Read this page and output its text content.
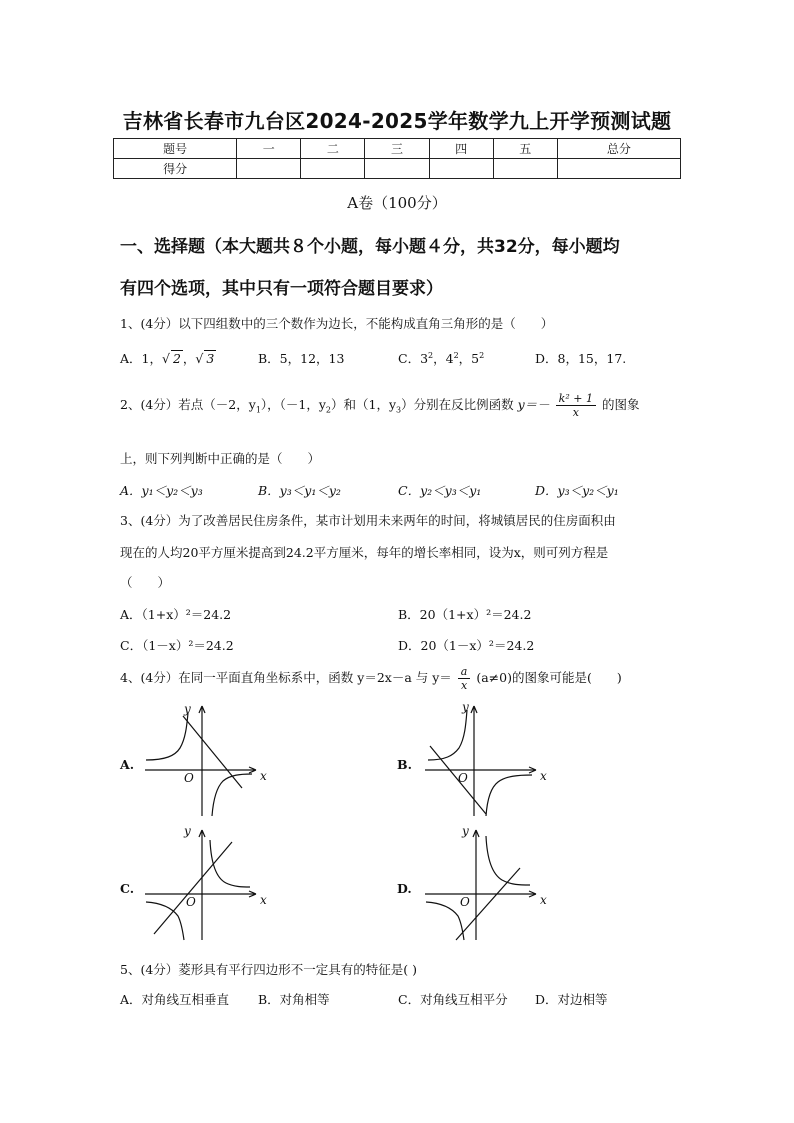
吉林省长春市九台区2024-2025学年数学九上开学预测试题
题号	一	二	三	四	五	总分
得分						
A卷（100分）
一、选择题（本大题共８个小题，每小题４分，共32分，每小题均
有四个选项，其中只有一项符合题目要求）
1、(4分）以下四组数中的三个数作为边长，不能构成直角三角形的是（　　）
A．1，√ 2 ，√ 3	B．5，12，13	C．$3^2$，$4^2$，$5^2$	D．8，15，17.
2、(4分）若点（－2，$y_1$），（－1，$y_2$）和（1，$y_3$）分别在反比例函数 $y=- \frac{\text{k² + 1}}{x}$ 的图象
上，则下列判断中正确的是（　　）
A．y₁＜y₂＜y₃	B．y₃＜y₁＜y₂	C．y₂＜y₃＜y₁	D．y₃＜y₂＜y₁
3、(4分）为了改善居民住房条件，某市计划用未来两年的时间，将城镇居民的住房面积由
现在的人均20平方厘米提高到24.2平方厘米，每年的增长率相同，设为x，则可列方程是
（　　）
A．（1+x）²＝24.2	B．20（1+x）²＝24.2
C．（1－x）²＝24.2	D．20（1－x）²＝24.2
4、(4分）在同一平面直角坐标系中，函数 y＝2x－a 与 $y= \frac{a}{x} (a\ne 0)$的图象可能是(　　)
A.	B.
C.	D.
x
y
O	x
y
O
x
y
O	x
y
O
5、(4分）菱形具有平行四边形不一定具有的特征是( )
A．对角线互相垂直 B．对角相等	C．对角线互相平分 D．对边相等
